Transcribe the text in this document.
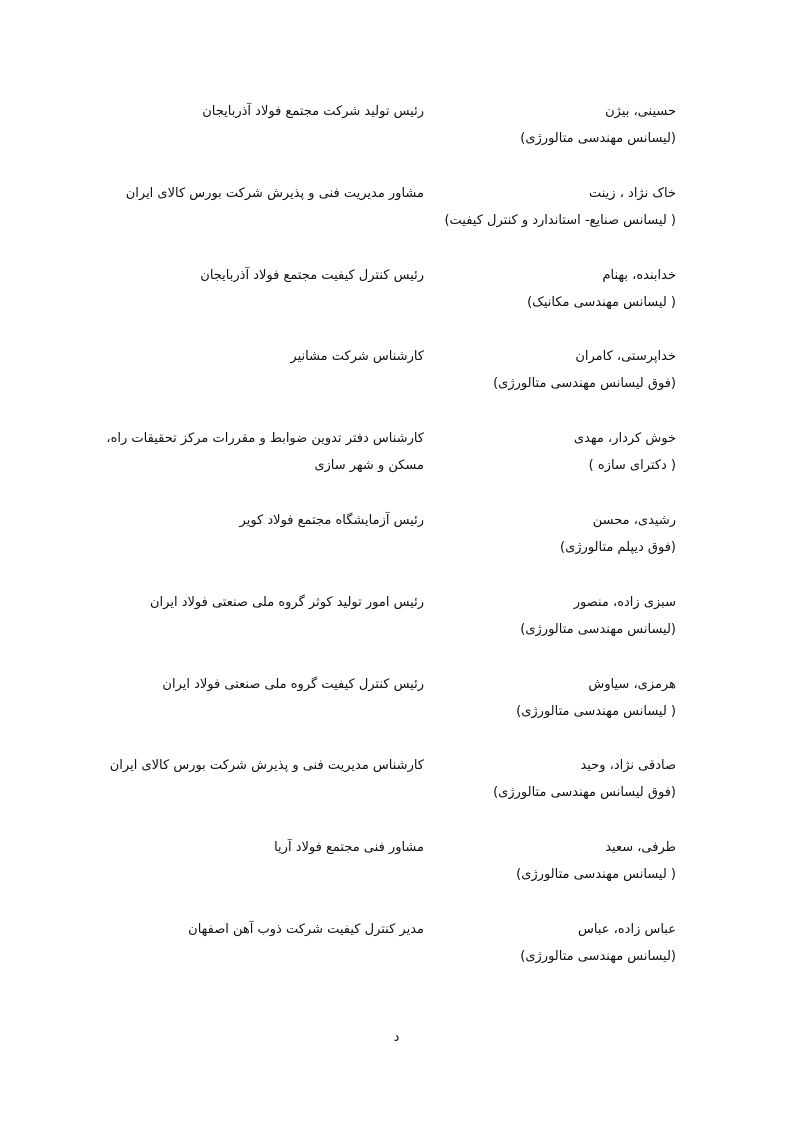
حسینی، بیژن
(لیسانس مهندسی متالورژی)
رئیس تولید شرکت مجتمع فولاد آذربایجان
خاک نژاد ، زینت
( لیسانس صنایع- استاندارد و کنترل کیفیت)
مشاور مدیریت فنی و پذیرش شرکت بورس کالای ایران
خدابنده، بهنام
( لیسانس مهندسی مکانیک)
رئیس کنترل کیفیت مجتمع فولاد آذربایجان
خداپرستی، کامران
(فوق لیسانس مهندسی متالورژی)
کارشناس شرکت مشانیر
خوش کردار، مهدی
( دکترای سازه )
کارشناس دفتر تدوین ضوابط و مقررات مرکز تحقیقات راه،
مسکن و شهر سازی
رشیدی، محسن
(فوق دیپلم متالورژی)
رئیس آزمایشگاه مجتمع فولاد کویر
سبزی زاده، منصور
(لیسانس مهندسی متالورژی)
رئیس امور تولید کوثر گروه ملی صنعتی فولاد ایران
هرمزی، سیاوش
( لیسانس مهندسی متالورژی)
رئیس کنترل کیفیت گروه ملی صنعتی فولاد ایران
صادقی نژاد، وحید
(فوق لیسانس مهندسی متالورژی)
کارشناس مدیریت فنی و پذیرش شرکت بورس کالای ایران
طرفی، سعید
( لیسانس مهندسی متالورژی)
مشاور فنی مجتمع فولاد آریا
عباس زاده، عباس
(لیسانس مهندسی متالورژی)
مدیر کنترل کیفیت شرکت ذوب آهن اصفهان
د
